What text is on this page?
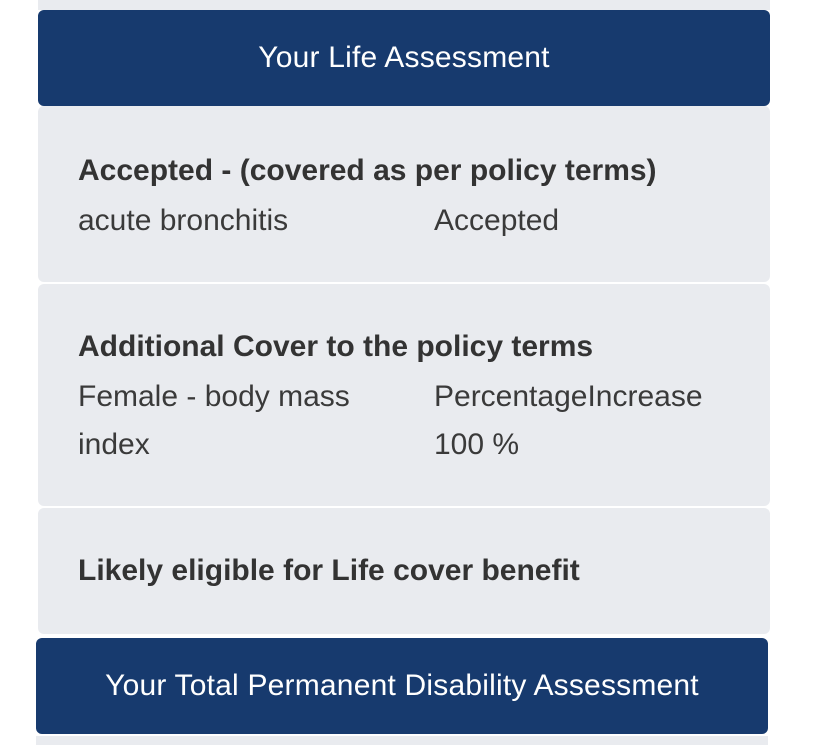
Your Life Assessment
Accepted - (covered as per policy terms)
acute bronchitis	Accepted
Additional Cover to the policy terms
Female - body mass index
PercentageIncrease 100 %
Likely eligible for Life cover benefit
Your Total Permanent Disability Assessment
